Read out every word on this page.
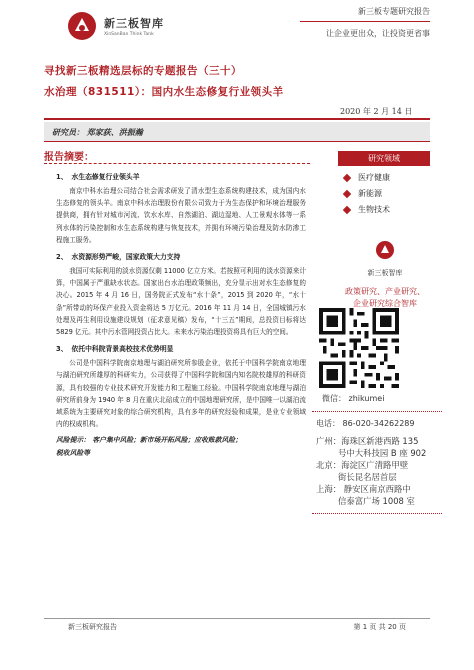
新三板智库
XinSanBan Think Tank
新三板专题研究报告
让企业更出众，让投资更省事
寻找新三板精选层标的专题报告（三十）
水治理（831511）：国内水生态修复行业领头羊
2020 年 2 月 14 日
研究员： 郑家荻、洪振瀚
报告摘要：
1、 水生态修复行业领头羊

南京中科水治理公司结合社会需求研发了清水型生态系统构建技术，成为国内水生态修复的领头羊。南京中科水治理股份有限公司致力于为生态保护和环境治理服务提供商，拥有针对城市河流、饮水水库、自然湖泊、湖边湿地、人工景观水体等一系列水体的污染控制和水生态系统构建与恢复技术，并拥有环境污染治理及防水防渗工程施工服务。

2、 水资源形势严峻，国家政策大力支持

我国可实际利用的淡水资源仅剩 11000 亿立方米。若按照可利用的淡水资源来计算，中国属于严重缺水状态。国家出台水治理政策频出，充分显示出对水生态修复的决心。2015 年 4 月 16 日，国务院正式发布“水十条”，2015 到 2020 年，“水十条”所带动的环保产业投入资金将达 5 万亿元。2016 年 11 月 14 日，全国城镇污水处理及再生利用设施建设规划（征求意见稿）发布，“十三五”期间，总投资目标将达 5829 亿元。其中污水管网投资占比大。未来水污染治理投资将具有巨大的空间。

3、 依托中科院背景高校技术优势明显

公司是中国科学院南京地理与湖泊研究所参股企业，依托于中国科学院南京地理与湖泊研究所雄厚的科研实力，公司获得了中国科学院和国内知名院校雄厚的科研资源，具有较强的专业技术研究开发能力和工程施工经验。中国科学院南京地理与湖泊研究所前身为 1940 年 8 月在重庆北碚成立的中国地理研究所，是中国唯一以湖泊流域系统为主要研究对象的综合研究机构，具有多年的研究经验和成果，是业专业领域内的权威机构。

风险提示： 客户集中风险；新市场开拓风险；应收账款风险；
税收风险等
研究领域
医疗健康
新能源
生物技术
新三板智库
政策研究、产业研究、
企业研究综合智库
微信： zhikumei
电话： 86-020-34262289
广州：海珠区新港西路 135
号中大科技园 B 座 902
北京：海淀区广清路甲壁
街长昆名居首层
上海： 静安区南京西路中
信泰富广场 1008 室
新三板研究报告	第 1 页 共 20 页
